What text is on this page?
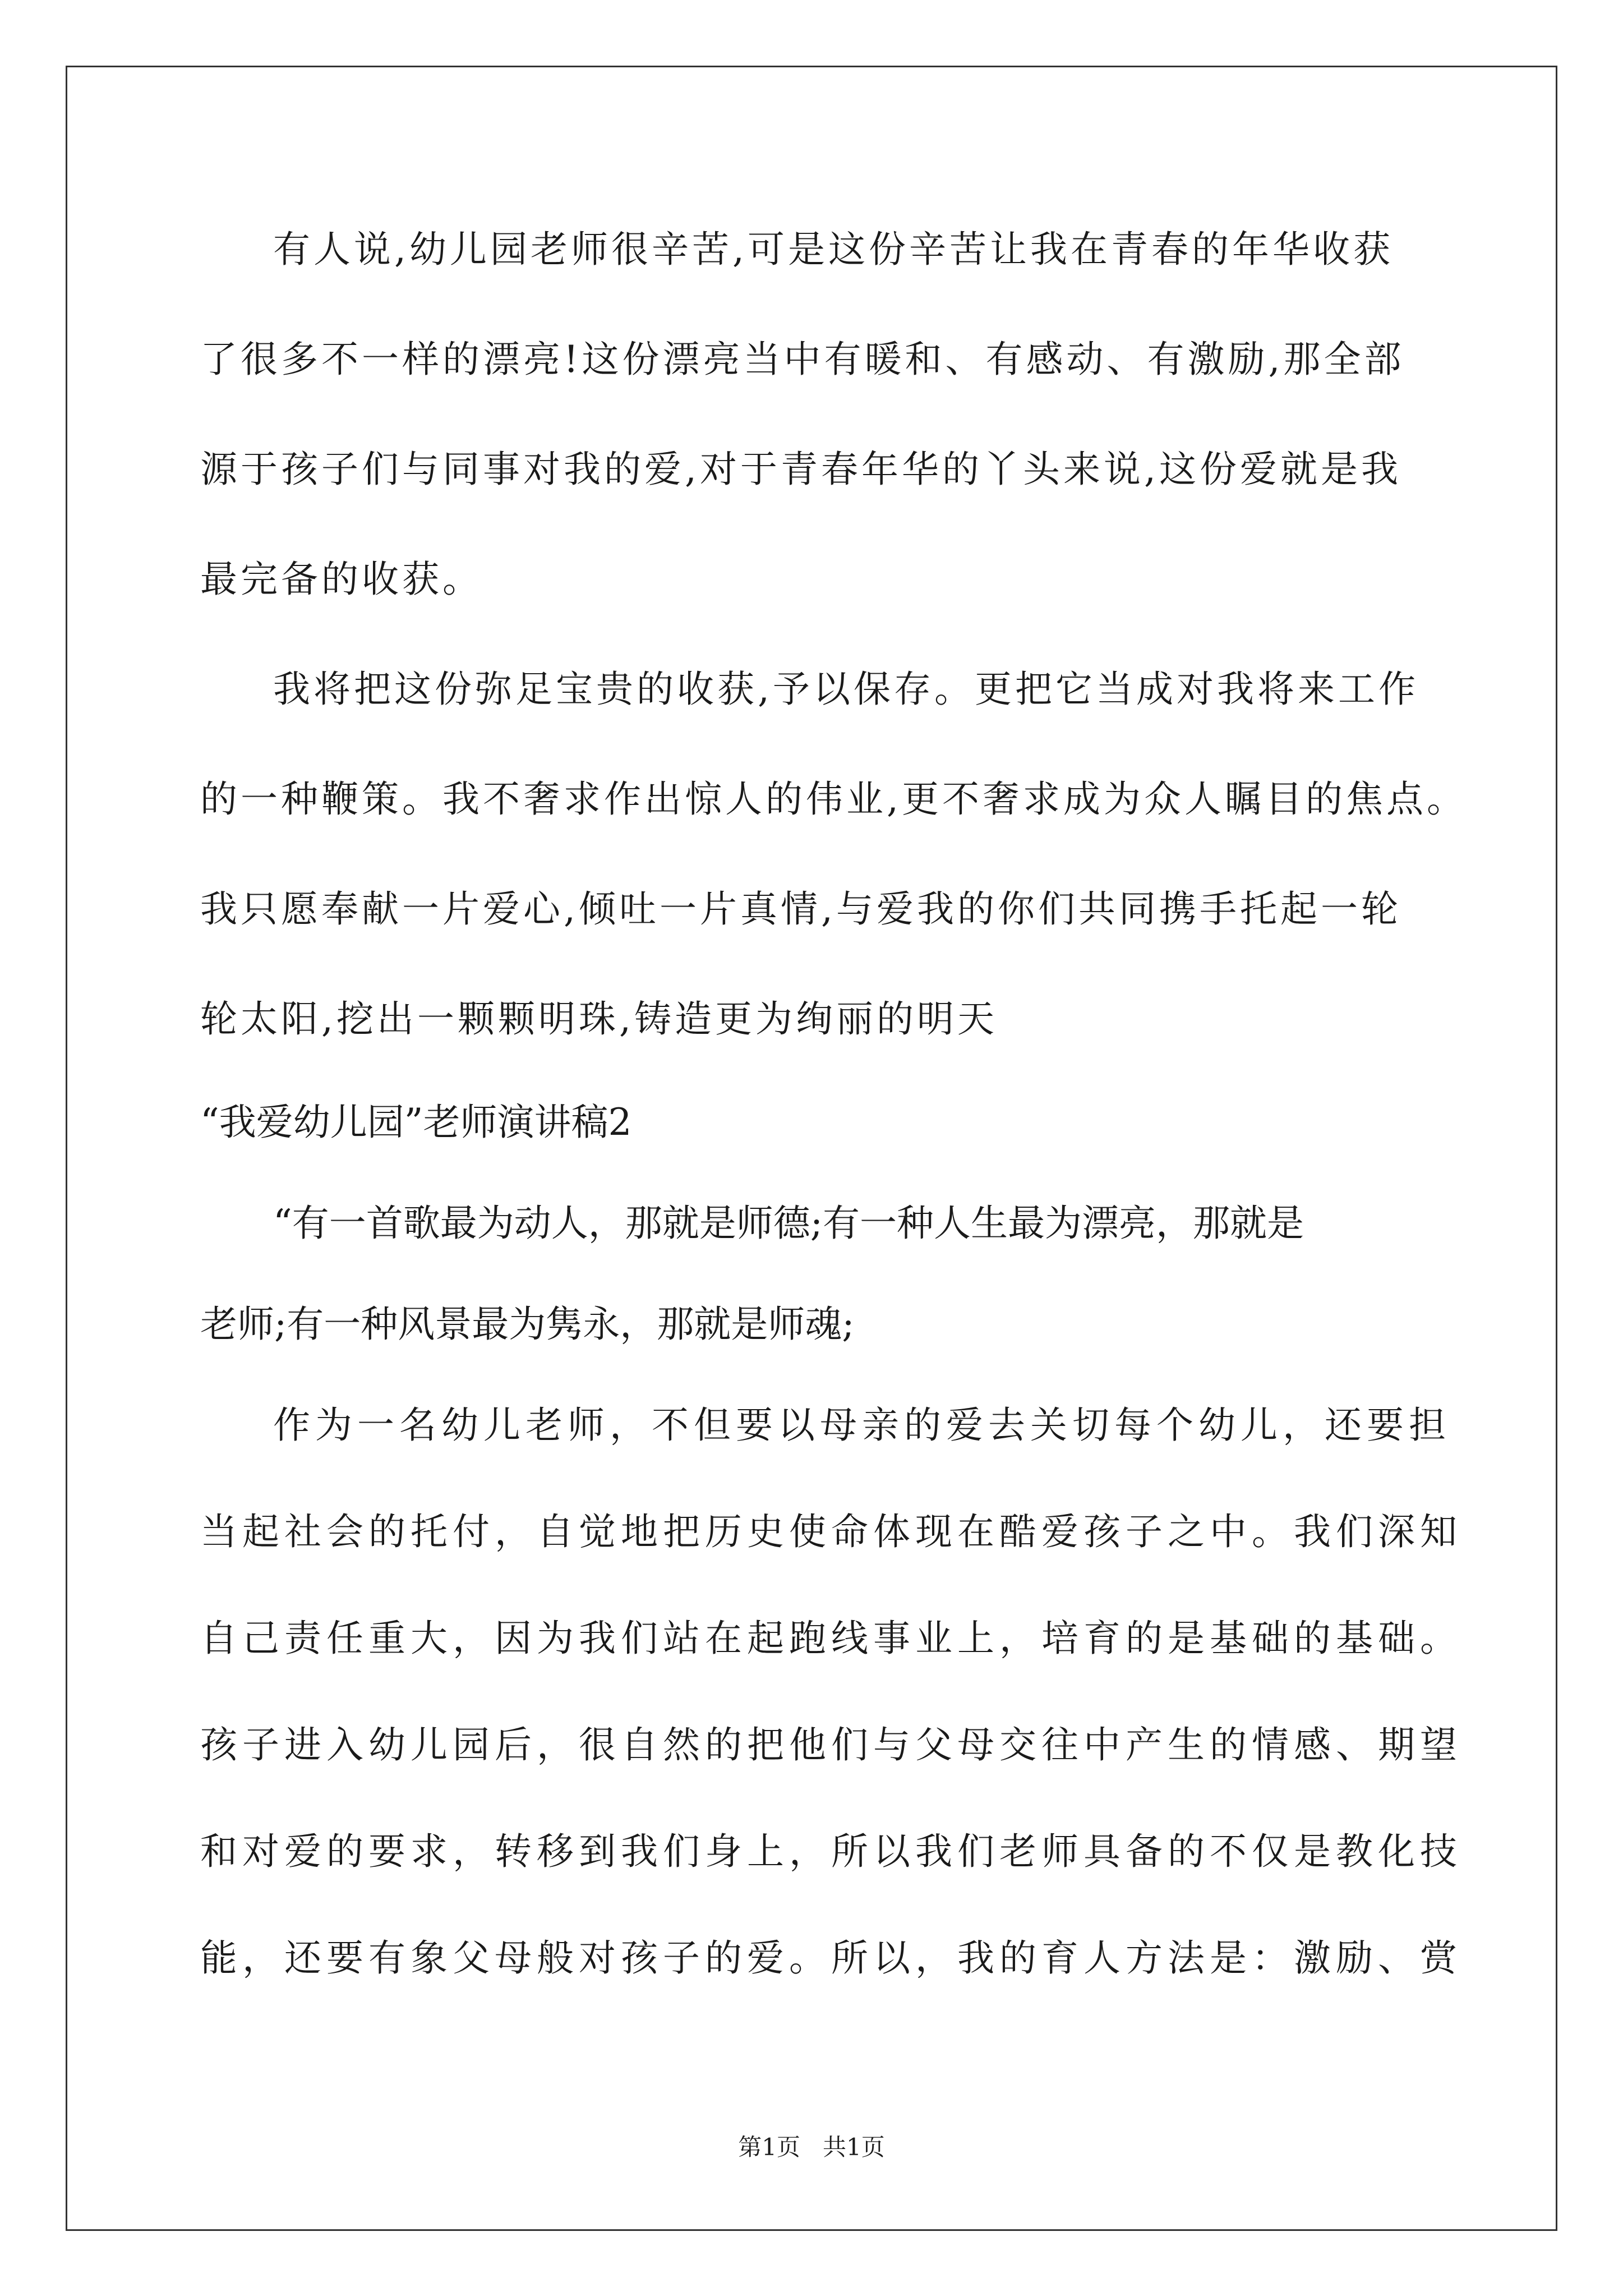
有人说,幼儿园老师很辛苦,可是这份辛苦让我在青春的年华收获
了很多不一样的漂亮!这份漂亮当中有暖和、有感动、有激励,那全部
源于孩子们与同事对我的爱,对于青春年华的丫头来说,这份爱就是我
最完备的收获。
我将把这份弥足宝贵的收获,予以保存。更把它当成对我将来工作
的一种鞭策。我不奢求作出惊人的伟业,更不奢求成为众人瞩目的焦点。
我只愿奉献一片爱心,倾吐一片真情,与爱我的你们共同携手托起一轮
轮太阳,挖出一颗颗明珠,铸造更为绚丽的明天
“我爱幼儿园”老师演讲稿2
“有一首歌最为动人，那就是师德;有一种人生最为漂亮，那就是
老师;有一种风景最为隽永，那就是师魂;
作为一名幼儿老师，不但要以母亲的爱去关切每个幼儿，还要担
当起社会的托付，自觉地把历史使命体现在酷爱孩子之中。我们深知
自己责任重大，因为我们站在起跑线事业上，培育的是基础的基础。
孩子进入幼儿园后，很自然的把他们与父母交往中产生的情感、期望
和对爱的要求，转移到我们身上，所以我们老师具备的不仅是教化技
能，还要有象父母般对孩子的爱。所以，我的育人方法是：激励、赏
第1页   共1页
